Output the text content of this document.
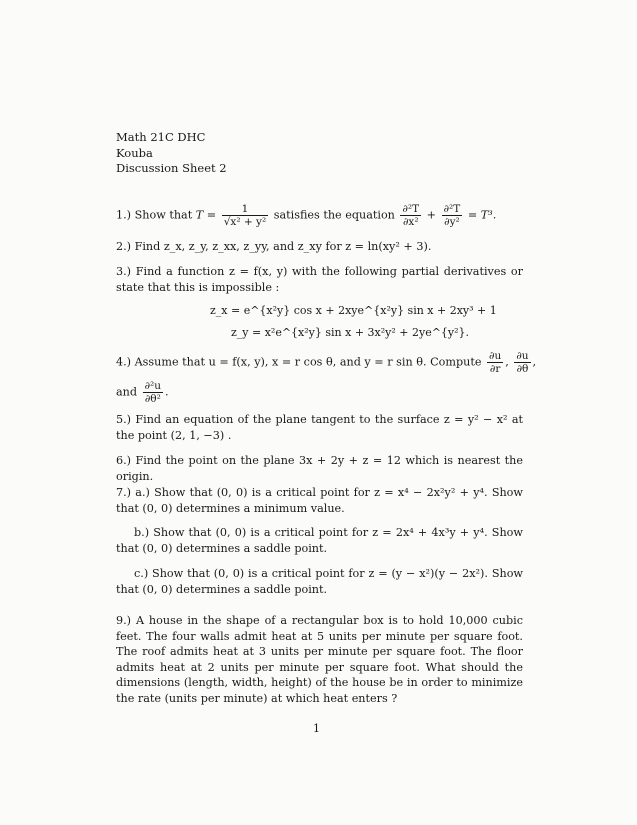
Math 21C DHC
Kouba
Discussion Sheet 2
1.) Show that $T = \frac{1}{\text{√x² + y²}}$ satisfies the equation $\frac{\text{∂²T}}{\text{∂x²}} + \frac{\text{∂²T}}{\text{∂y²}} = T^3$.
2.) Find z_x, z_y, z_xx, z_yy, and z_xy for z = ln(xy² + 3).
3.) Find a function z = f(x, y) with the following partial derivatives or state that this is impossible :
z_x = e^{x²y} cos x + 2xye^{x²y} sin x + 2xy³ + 1
z_y = x²e^{x²y} sin x + 3x²y² + 2ye^{y²}.
4.) Assume that u = f(x, y), x = r cos θ, and y = r sin θ. Compute $\frac{\partial u}{\partial r}$ , $\frac{\partial u}{\partial\theta}$ ,
and $\frac{\text{∂²u}}{\text{∂θ²}}$ .
5.) Find an equation of the plane tangent to the surface z = y² − x² at the point (2, 1, −3) .
6.) Find the point on the plane 3x + 2y + z = 12 which is nearest the origin.
7.) a.) Show that (0, 0) is a critical point for z = x⁴ − 2x²y² + y⁴. Show that (0, 0) determines a minimum value.
b.) Show that (0, 0) is a critical point for z = 2x⁴ + 4x³y + y⁴. Show that (0, 0) determines a saddle point.
c.) Show that (0, 0) is a critical point for z = (y − x²)(y − 2x²). Show that (0, 0) determines a saddle point.
9.) A house in the shape of a rectangular box is to hold 10,000 cubic feet. The four walls admit heat at 5 units per minute per square foot. The roof admits heat at 3 units per minute per square foot. The floor admits heat at 2 units per minute per square foot. What should the dimensions (length, width, height) of the house be in order to minimize the rate (units per minute) at which heat enters ?
1
